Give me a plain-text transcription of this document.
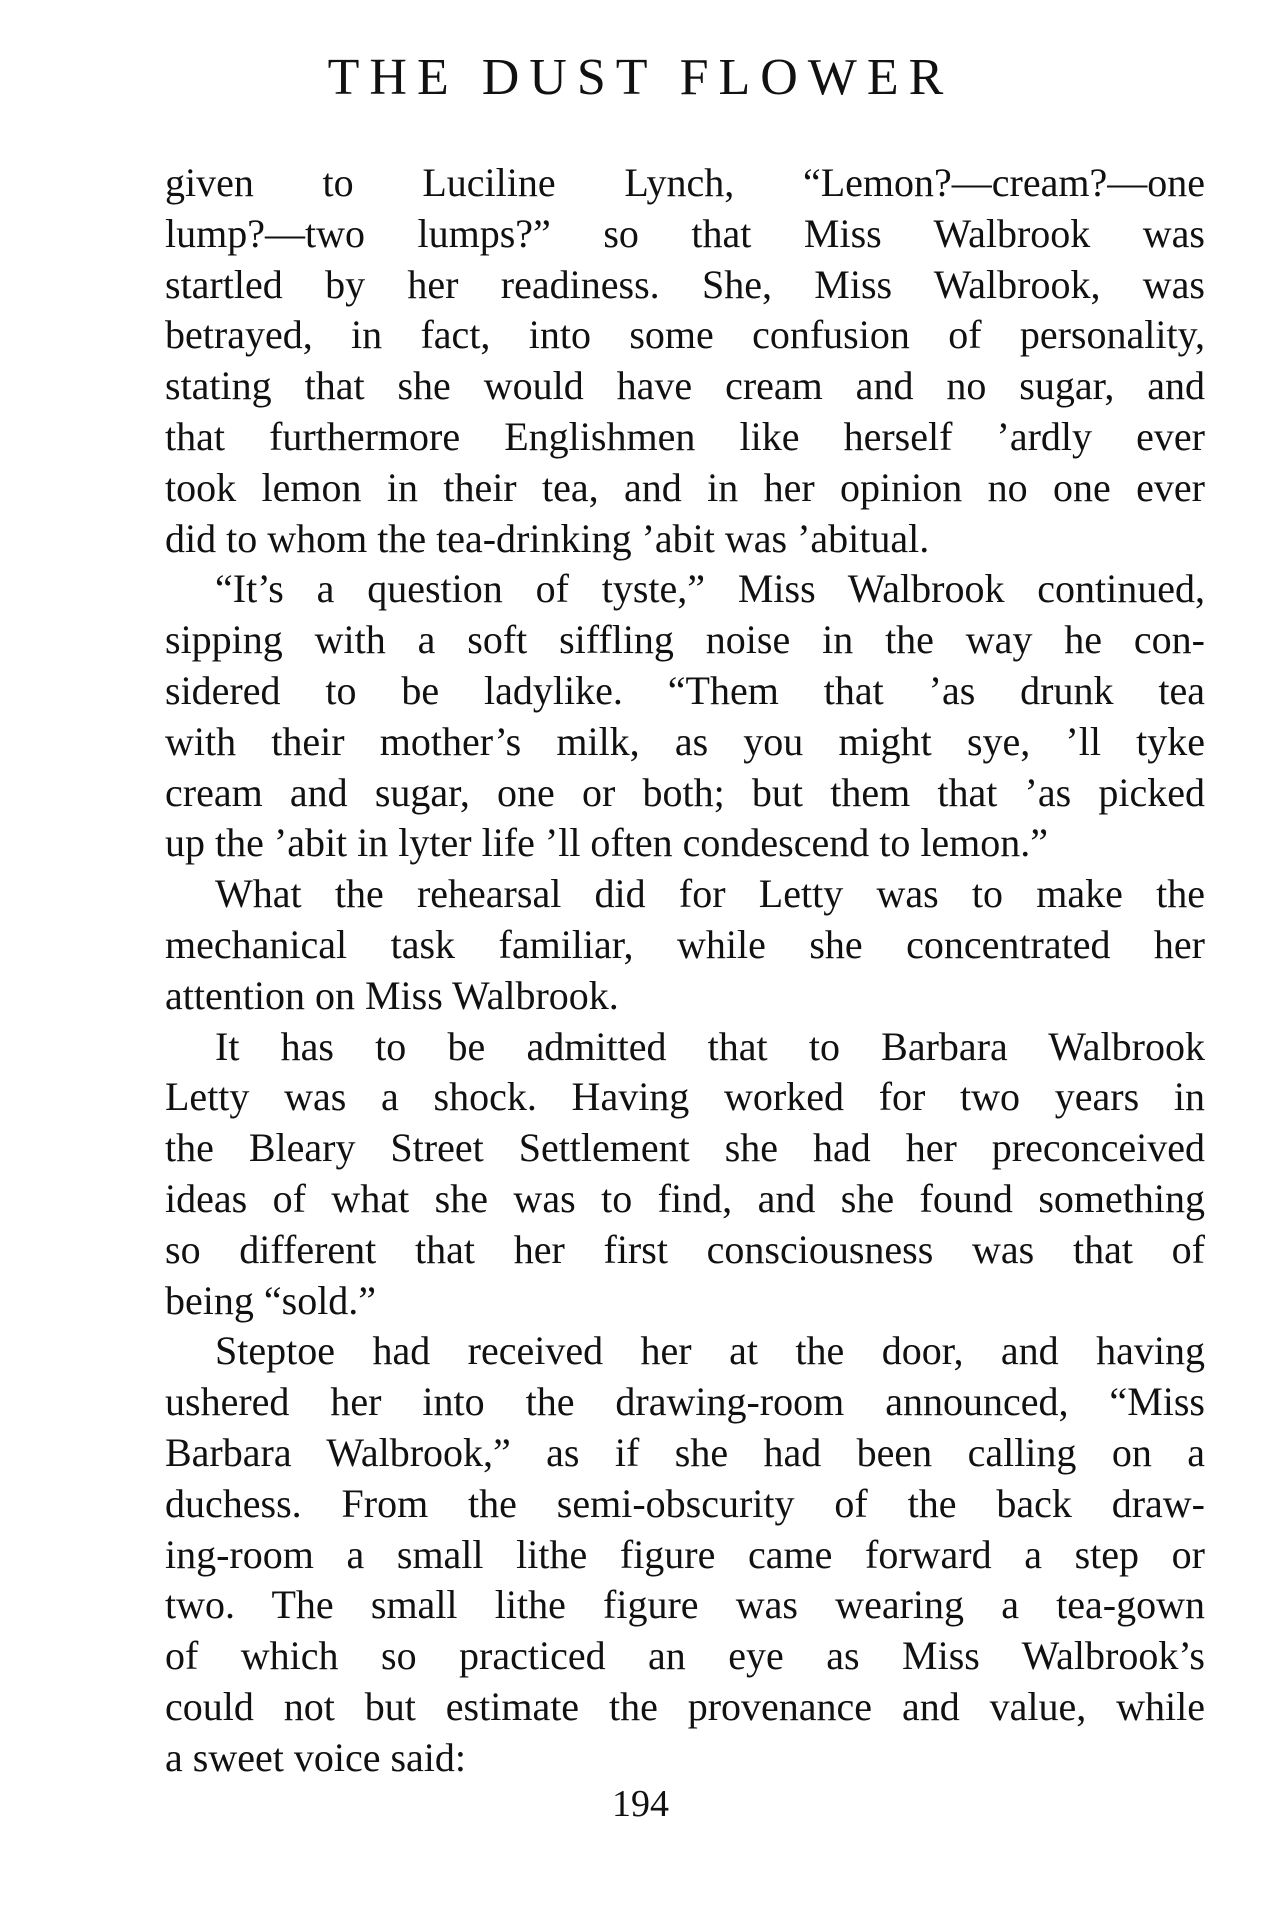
THE DUST FLOWER
given to Luciline Lynch, “Lemon?—cream?—one
lump?—two lumps?” so that Miss Walbrook was
startled by her readiness. She, Miss Walbrook, was
betrayed, in fact, into some confusion of personality,
stating that she would have cream and no sugar, and
that furthermore Englishmen like herself ’ardly ever
took lemon in their tea, and in her opinion no one ever
did to whom the tea-drinking ’abit was ’abitual.
“It’s a question of tyste,” Miss Walbrook continued,
sipping with a soft siffling noise in the way he con-
sidered to be ladylike. “Them that ’as drunk tea
with their mother’s milk, as you might sye, ’ll tyke
cream and sugar, one or both; but them that ’as picked
up the ’abit in lyter life ’ll often condescend to lemon.”
What the rehearsal did for Letty was to make the
mechanical task familiar, while she concentrated her
attention on Miss Walbrook.
It has to be admitted that to Barbara Walbrook
Letty was a shock. Having worked for two years in
the Bleary Street Settlement she had her preconceived
ideas of what she was to find, and she found something
so different that her first consciousness was that of
being “sold.”
Steptoe had received her at the door, and having
ushered her into the drawing-room announced, “Miss
Barbara Walbrook,” as if she had been calling on a
duchess. From the semi-obscurity of the back draw-
ing-room a small lithe figure came forward a step or
two. The small lithe figure was wearing a tea-gown
of which so practiced an eye as Miss Walbrook’s
could not but estimate the provenance and value, while
a sweet voice said:
194
